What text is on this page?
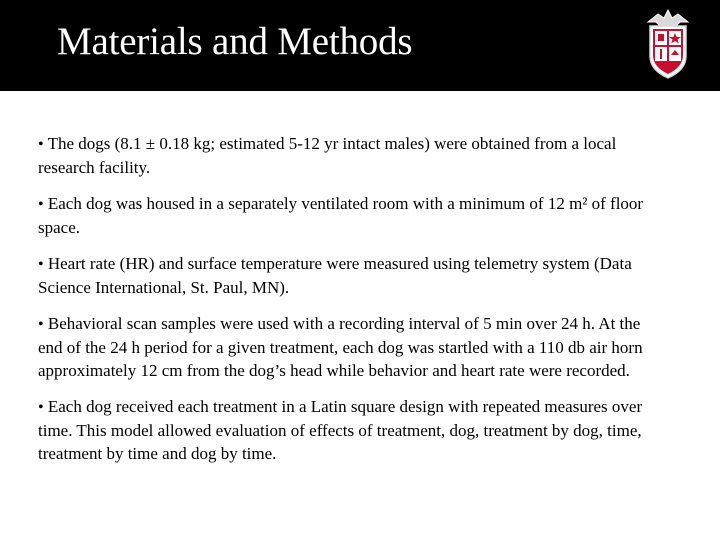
Materials and Methods

• The dogs (8.1 ± 0.18 kg; estimated 5-12 yr intact males) were obtained from a local research facility.

• Each dog was housed in a separately ventilated room with a minimum of 12 m² of floor space.

• Heart rate (HR) and surface temperature were measured using telemetry system (Data Science International, St. Paul, MN).

• Behavioral scan samples were used with a recording interval of 5 min over 24 h. At the end of the 24 h period for a given treatment, each dog was startled with a 110 db air horn approximately 12 cm from the dog’s head while behavior and heart rate were recorded.

• Each dog received each treatment in a Latin square design with repeated measures over time. This model allowed evaluation of effects of treatment, dog, treatment by dog, time, treatment by time and dog by time.
